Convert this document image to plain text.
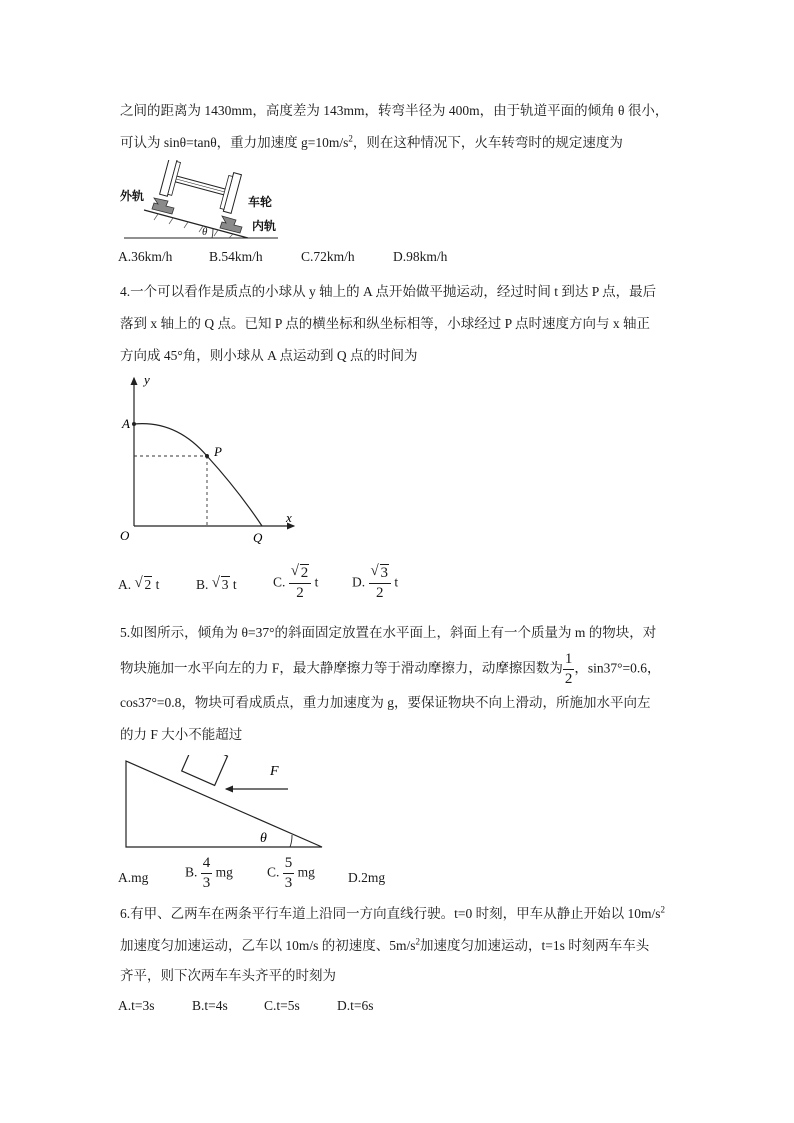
之间的距离为 1430mm，高度差为 143mm，转弯半径为 400m，由于轨道平面的倾角 θ 很小，
可认为 sinθ=tanθ，重力加速度 $g=10m/s^2$，则在这种情况下，火车转弯时的规定速度为
θ
外轨	车轮
内轨
A.36km/h	B.54km/h	C.72km/h	D.98km/h
4.一个可以看作是质点的小球从 y 轴上的 A 点开始做平抛运动，经过时间 t 到达 P 点，最后
落到 x 轴上的 Q 点。已知 P 点的横坐标和纵坐标相等，小球经过 P 点时速度方向与 x 轴正
方向成 45°角，则小球从 A 点运动到 Q 点的时间为
y
A
P
x
O	Q
A. √ 2 t	B. √ 3 t	C. $\frac{√ 2}{2}$ t D. $\frac{√ 3}{2}$ t
5.如图所示，倾角为 θ=37°的斜面固定放置在水平面上，斜面上有一个质量为 m 的物块，对
物块施加一水平向左的力 F，最大静摩擦力等于滑动摩擦力，动摩擦因数为 $\frac{1}{2}$ ，sin37°=0.6，
cos37°=0.8，物块可看成质点，重力加速度为 g，要保证物块不向上滑动，所施加水平向左
的力 F 大小不能超过
F
θ
A.mg	B. $\frac{4}{3}$ mg	C. $\frac{5}{3}$ mg D.2mg
6.有甲、乙两车在两条平行车道上沿同一方向直线行驶。t=0 时刻，甲车从静止开始以 $10m/s^2$
加速度匀加速运动，乙车以 10m/s 的初速度、$5m/s^2$加速度匀加速运动，t=1s 时刻两车车头
齐平，则下次两车车头齐平的时刻为
A.t=3s	B.t=4s	C.t=5s	D.t=6s
